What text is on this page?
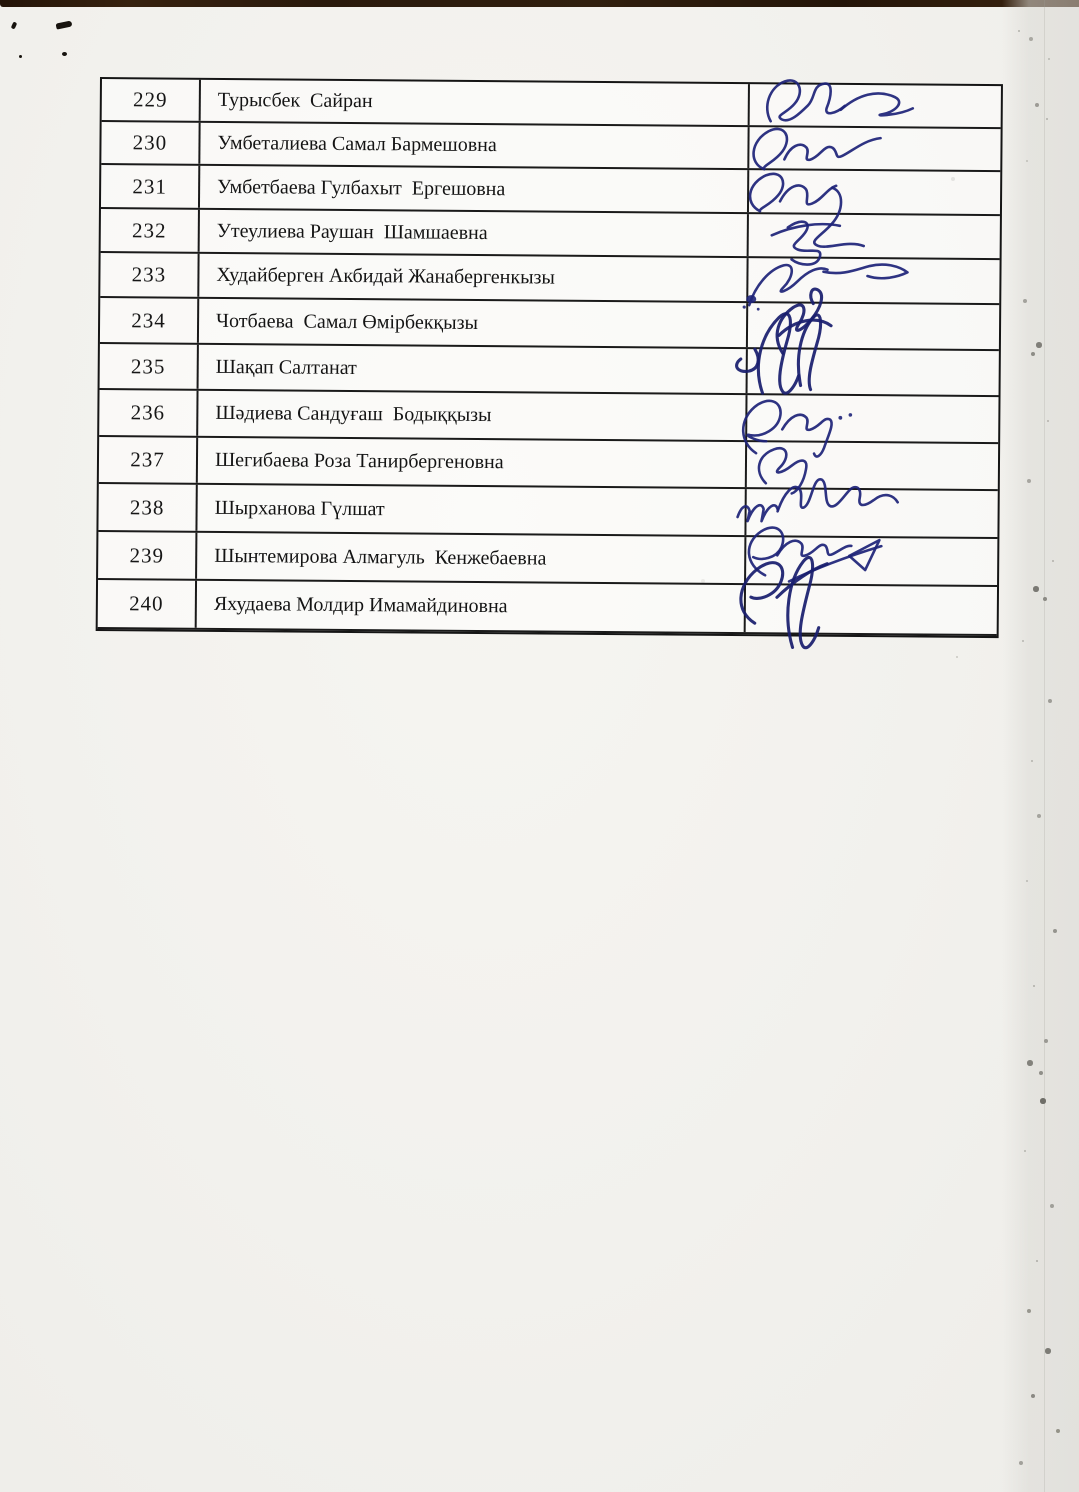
229	Турысбек  Сайран
230	Умбеталиева Самал Бармешовна
231	Умбетбаева Гулбахыт  Ергешовна
232	Утеулиева Раушан  Шамшаевна
233	Худайберген Акбидай Жанабергенкызы
234	Чотбаева  Самал Өмірбекқызы
235	Шақап Салтанат
236	Шәдиева Сандуғаш  Бодыққызы
237	Шегибаева Роза Танирбергеновна
238	Шырханова Гүлшат
239	Шынтемирова Алмагуль  Кенжебаевна
240	Яхудаева Молдир Имамайдиновна
